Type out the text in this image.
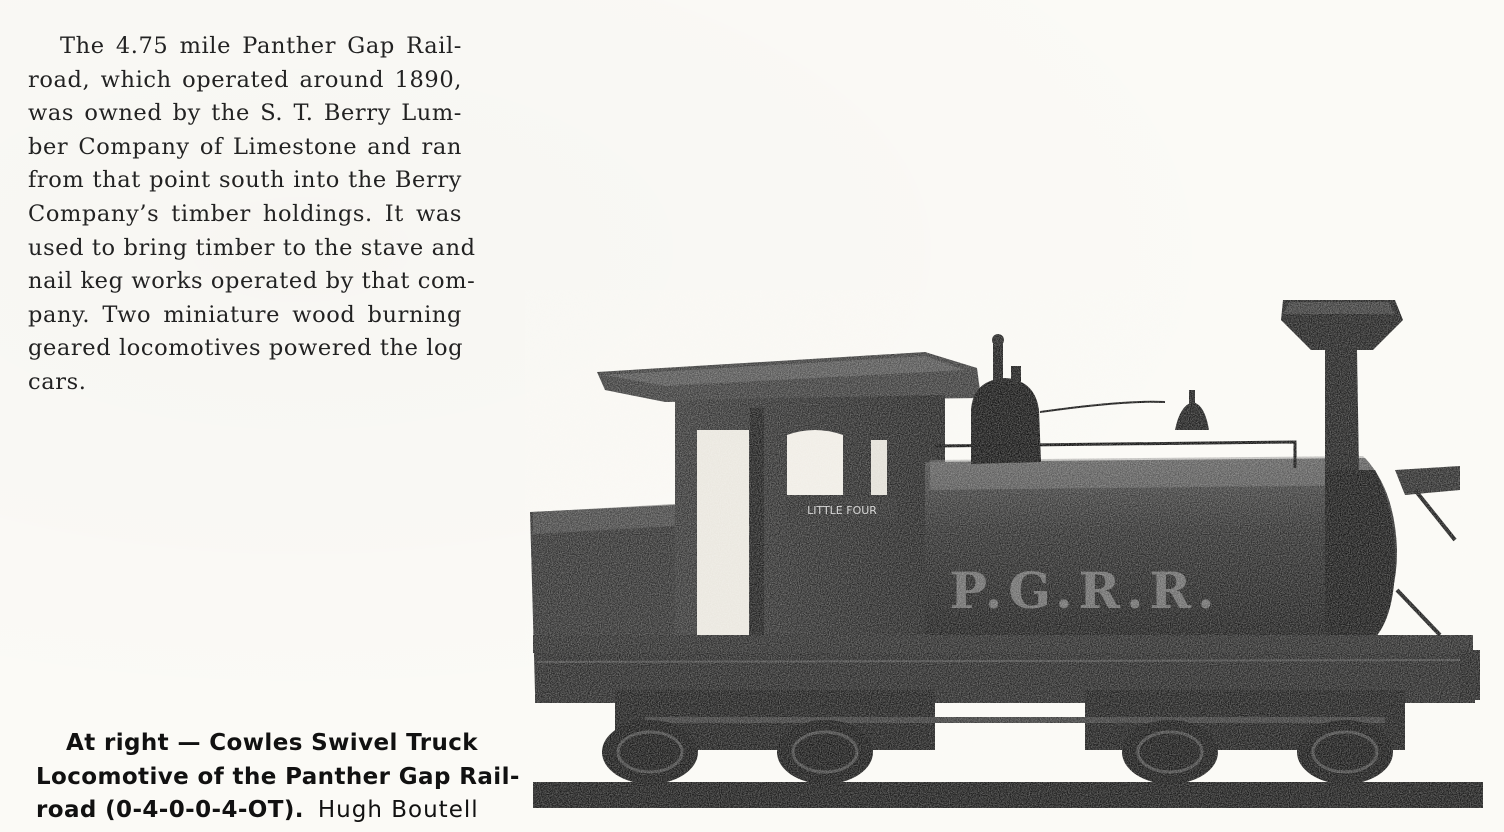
The 4.75 mile Panther Gap Rail-
road, which operated around 1890,
was owned by the S. T. Berry Lum-
ber Company of Limestone and ran
from that point south into the Berry
Company’s timber holdings. It was
used to bring timber to the stave and
nail keg works operated by that com-
pany. Two miniature wood burning
geared locomotives powered the log
cars.
At right — Cowles Swivel Truck
Locomotive of the Panther Gap Rail-
road (0-4-0-0-4-OT). Hugh Boutell
LITTLE FOUR
P.G.R.R.
